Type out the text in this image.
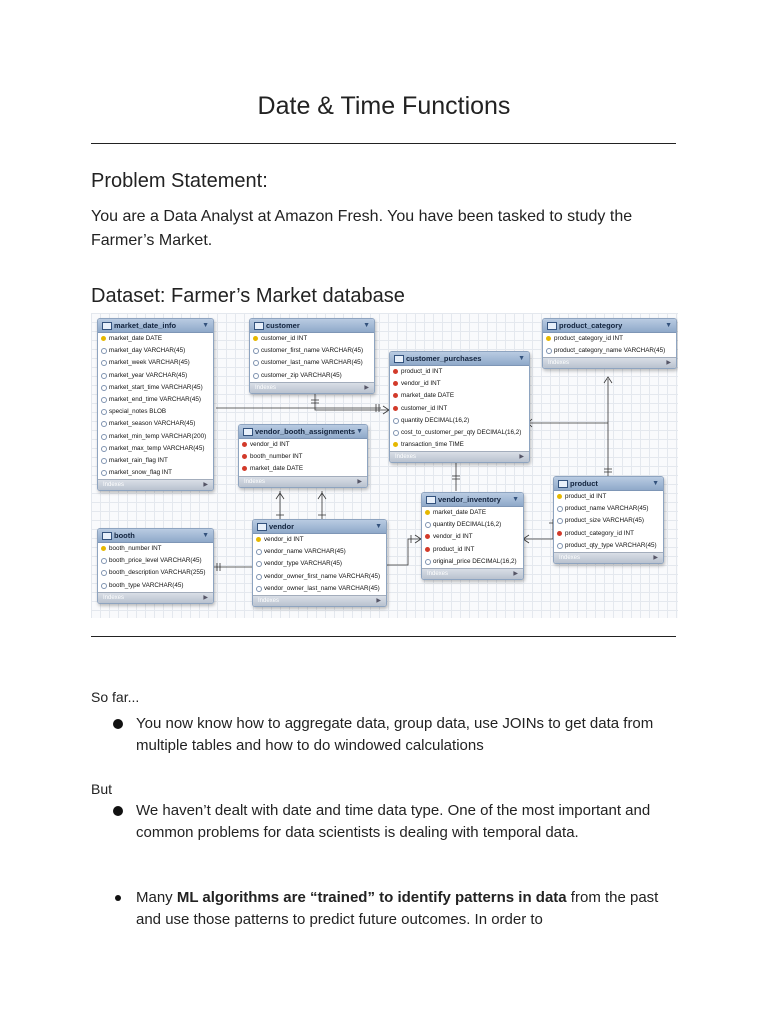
Date & Time Functions
Problem Statement:

You are a Data Analyst at Amazon Fresh. You have been tasked to study the Farmer’s Market.

Dataset: Farmer’s Market database
market_date_info	▼
market_date DATE
market_day VARCHAR(45)
market_week VARCHAR(45)
market_year VARCHAR(45)
market_start_time VARCHAR(45)
market_end_time VARCHAR(45)
special_notes BLOB
market_season VARCHAR(45)
market_min_temp VARCHAR(200)
market_max_temp VARCHAR(45)
market_rain_flag INT
market_snow_flag INT
Indexes	▶
customer	▼
customer_id INT
customer_first_name VARCHAR(45)
customer_last_name VARCHAR(45)
customer_zip VARCHAR(45)
Indexes	▶
customer_purchases	▼
product_id INT
vendor_id INT
market_date DATE
customer_id INT
quantity DECIMAL(16,2)
cost_to_customer_per_qty DECIMAL(16,2)
transaction_time TIME
Indexes	▶
product_category	▼
product_category_id INT
product_category_name VARCHAR(45)
Indexes	▶
vendor_booth_assignments ▼
vendor_id INT
booth_number INT
market_date DATE
Indexes	▶
booth	▼
booth_number INT
booth_price_level VARCHAR(45)
booth_description VARCHAR(255)
booth_type VARCHAR(45)
Indexes	▶
vendor	▼
vendor_id INT
vendor_name VARCHAR(45)
vendor_type VARCHAR(45)
vendor_owner_first_name VARCHAR(45)
vendor_owner_last_name VARCHAR(45)
Indexes	▶
vendor_inventory ▼
market_date DATE
quantity DECIMAL(16,2)
vendor_id INT
product_id INT
original_price DECIMAL(16,2)
Indexes	▶
product	▼
product_id INT
product_name VARCHAR(45)
product_size VARCHAR(45)
product_category_id INT
product_qty_type VARCHAR(45)
Indexes	▶

So far...

You now know how to aggregate data, group data, use JOINs to get data from multiple tables and how to do windowed calculations

But

We haven’t dealt with date and time data type. One of the most important and common problems for data scientists is dealing with temporal data.
Many ML algorithms are “trained” to identify patterns in data from the past and use those patterns to predict future outcomes. In order to
